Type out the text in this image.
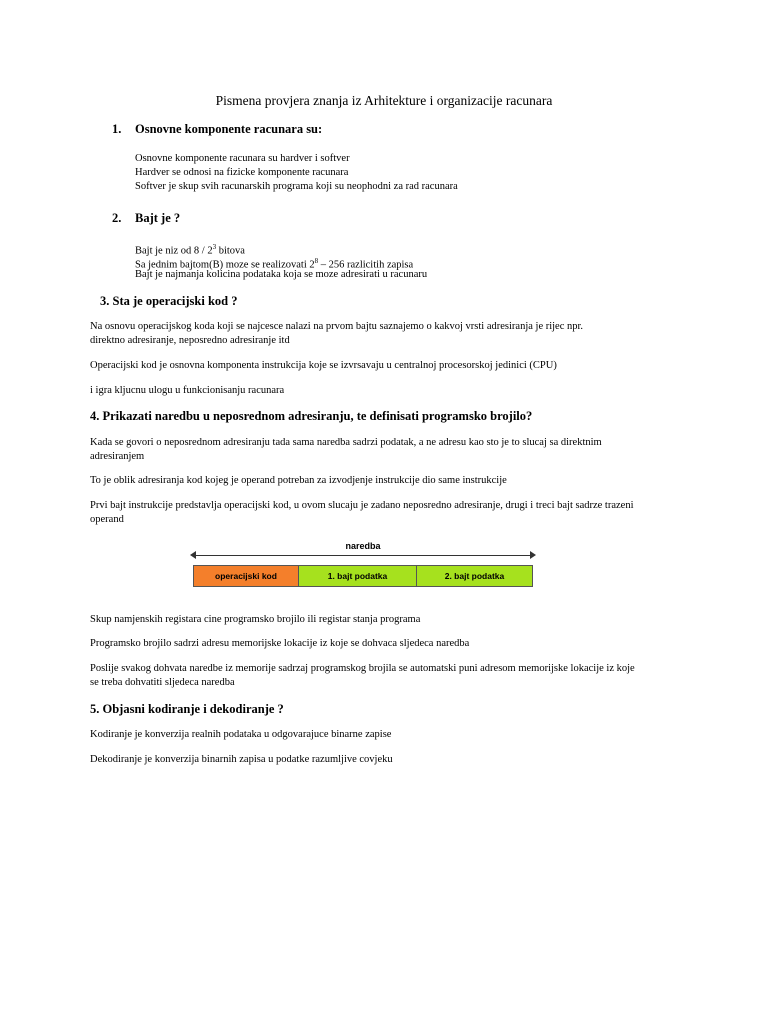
Pismena provjera znanja iz Arhitekture i organizacije racunara
1. Osnovne komponente racunara su:
Osnovne komponente racunara su hardver i softver
Hardver se odnosi na fizicke komponente racunara
Softver je skup svih racunarskih programa koji su neophodni za rad racunara
2. Bajt je ?
Bajt je niz od $8 / 2^3$ bitova
Sa jednim bajtom(B) moze se realizovati $2^8 - 256$ razlicitih zapisa
Bajt je najmanja kolicina podataka koja se moze adresirati u racunaru
3. Sta je operacijski kod ?
Na osnovu operacijskog koda koji se najcesce nalazi na prvom bajtu saznajemo o kakvoj vrsti adresiranja je rijec npr.
direktno adresiranje, neposredno adresiranje itd
Operacijski kod je osnovna komponenta instrukcija koje se izvrsavaju u centralnoj procesorskoj jedinici (CPU)
i igra kljucnu ulogu u funkcionisanju racunara
4. Prikazati naredbu u neposrednom adresiranju, te definisati programsko brojilo?
Kada se govori o neposrednom adresiranju tada sama naredba sadrzi podatak, a ne adresu kao sto je to slucaj sa direktnim
adresiranjem
To je oblik adresiranja kod kojeg je operand potreban za izvodjenje instrukcije dio same instrukcije
Prvi bajt instrukcije predstavlja operacijski kod, u ovom slucaju je zadano neposredno adresiranje, drugi i treci bajt sadrze trazeni
operand
naredba
operacijski kod	1. bajt podatka	2. bajt podatka
Skup namjenskih registara cine programsko brojilo ili registar stanja programa
Programsko brojilo sadrzi adresu memorijske lokacije iz koje se dohvaca sljedeca naredba
Poslije svakog dohvata naredbe iz memorije sadrzaj programskog brojila se automatski puni adresom memorijske lokacije iz koje
se treba dohvatiti sljedeca naredba
5. Objasni kodiranje i dekodiranje ?
Kodiranje je konverzija realnih podataka u odgovarajuce binarne zapise
Dekodiranje je konverzija binarnih zapisa u podatke razumljive covjeku
